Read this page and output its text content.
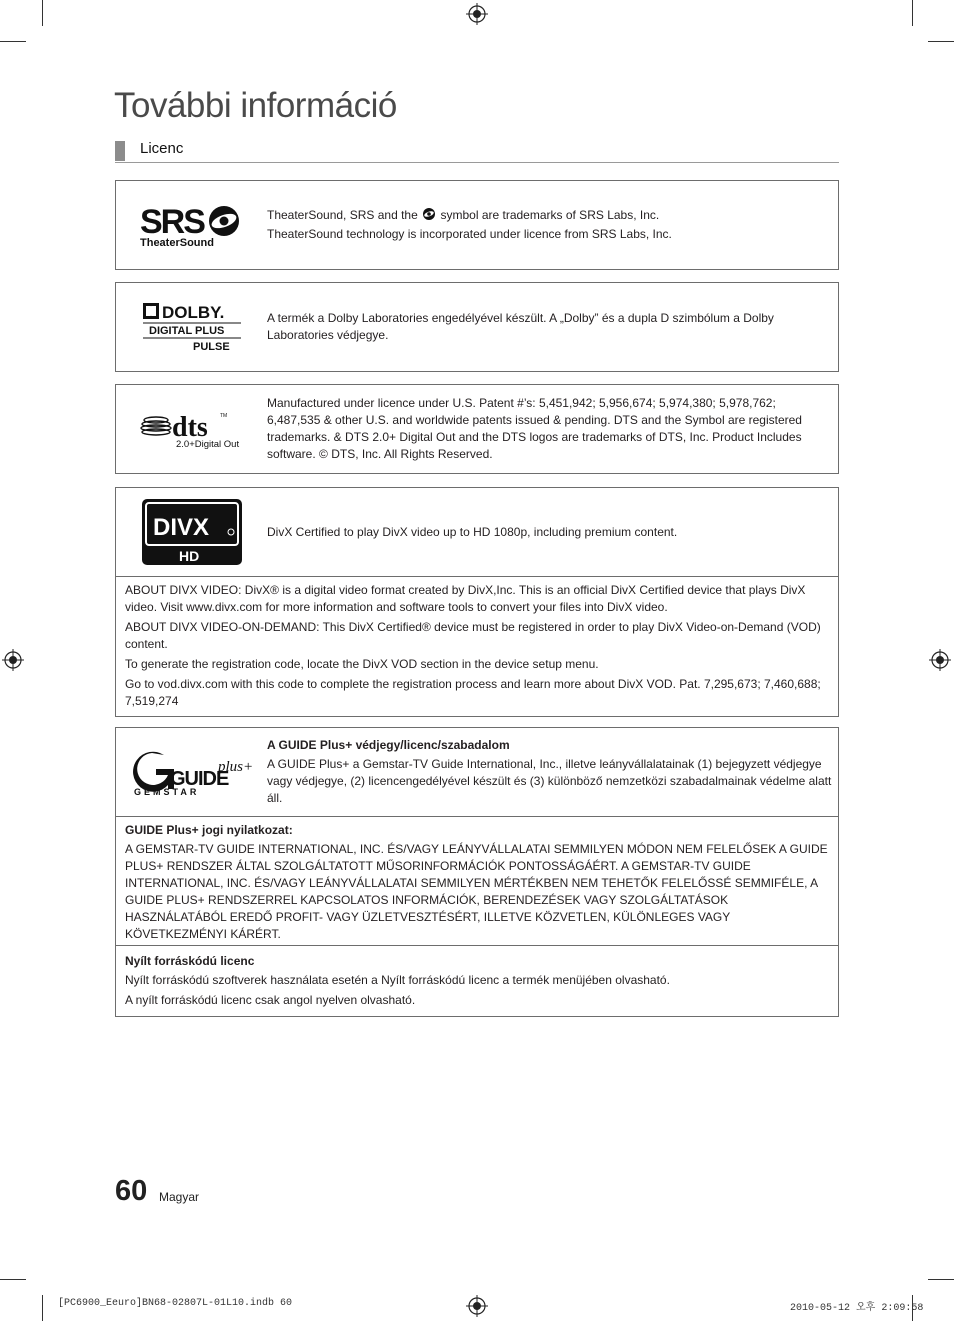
További információ
Licenc
SRS
TheaterSound

TheaterSound, SRS and the symbol are trademarks of SRS Labs, Inc.

TheaterSound technology is incorporated under licence from SRS Labs, Inc.

DOLBY.
DIGITAL PLUS
PULSE

A termék a Dolby Laboratories engedélyével készült. A „Dolby” és a dupla D szimbólum a Dolby Laboratories védjegye.

dts TM
2.0+Digital Out

Manufactured under licence under U.S. Patent #’s: 5,451,942; 5,956,674; 5,974,380; 5,978,762; 6,487,535 & other U.S. and worldwide patents issued & pending. DTS and the Symbol are registered trademarks. & DTS 2.0+ Digital Out and the DTS logos are trademarks of DTS, Inc. Product Includes software. © DTS, Inc. All Rights Reserved.

DIVX
HD

DivX Certified to play DivX video up to HD 1080p, including premium content.

ABOUT DIVX VIDEO: DivX® is a digital video format created by DivX,Inc. This is an official DivX Certified device that plays DivX video. Visit www.divx.com for more information and software tools to convert your files into DivX video.

ABOUT DIVX VIDEO-ON-DEMAND: This DivX Certified® device must be registered in order to play DivX Video-on-Demand (VOD) content.

To generate the registration code, locate the DivX VOD section in the device setup menu.

Go to vod.divx.com with this code to complete the registration process and learn more about DivX VOD. Pat. 7,295,673; 7,460,688; 7,519,274

GUIDE
plus+
GEMSTAR

A GUIDE Plus+ védjegy/licenc/szabadalom

A GUIDE Plus+ a Gemstar-TV Guide International, Inc., illetve leányvállalatainak (1) bejegyzett védjegye vagy védjegye, (2) licencengedélyével készült és (3) különböző nemzetközi szabadalmainak védelme alatt áll.

GUIDE Plus+ jogi nyilatkozat:

A GEMSTAR-TV GUIDE INTERNATIONAL, INC. ÉS/VAGY LEÁNYVÁLLALATAI SEMMILYEN MÓDON NEM FELELŐSEK A GUIDE PLUS+ RENDSZER ÁLTAL SZOLGÁLTATOTT MŰSORINFORMÁCIÓK PONTOSSÁGÁÉRT. A GEMSTAR-TV GUIDE INTERNATIONAL, INC. ÉS/VAGY LEÁNYVÁLLALATAI SEMMILYEN MÉRTÉKBEN NEM TEHETŐK FELELŐSSÉ SEMMIFÉLE, A GUIDE PLUS+ RENDSZERREL KAPCSOLATOS INFORMÁCIÓK, BERENDEZÉSEK VAGY SZOLGÁLTATÁSOK HASZNÁLATÁBÓL EREDŐ PROFIT- VAGY ÜZLETVESZTÉSÉRT, ILLETVE KÖZVETLEN, KÜLÖNLEGES VAGY KÖVETKEZMÉNYI KÁRÉRT.

Nyílt forráskódú licenc

Nyílt forráskódú szoftverek használata esetén a Nyílt forráskódú licenc a termék menüjében olvasható.

A nyílt forráskódú licenc csak angol nyelven olvasható.

60 Magyar
[PC6900_Eeuro]BN68-02807L-01L10.indb 60	2010-05-12 오후 2:09:58
